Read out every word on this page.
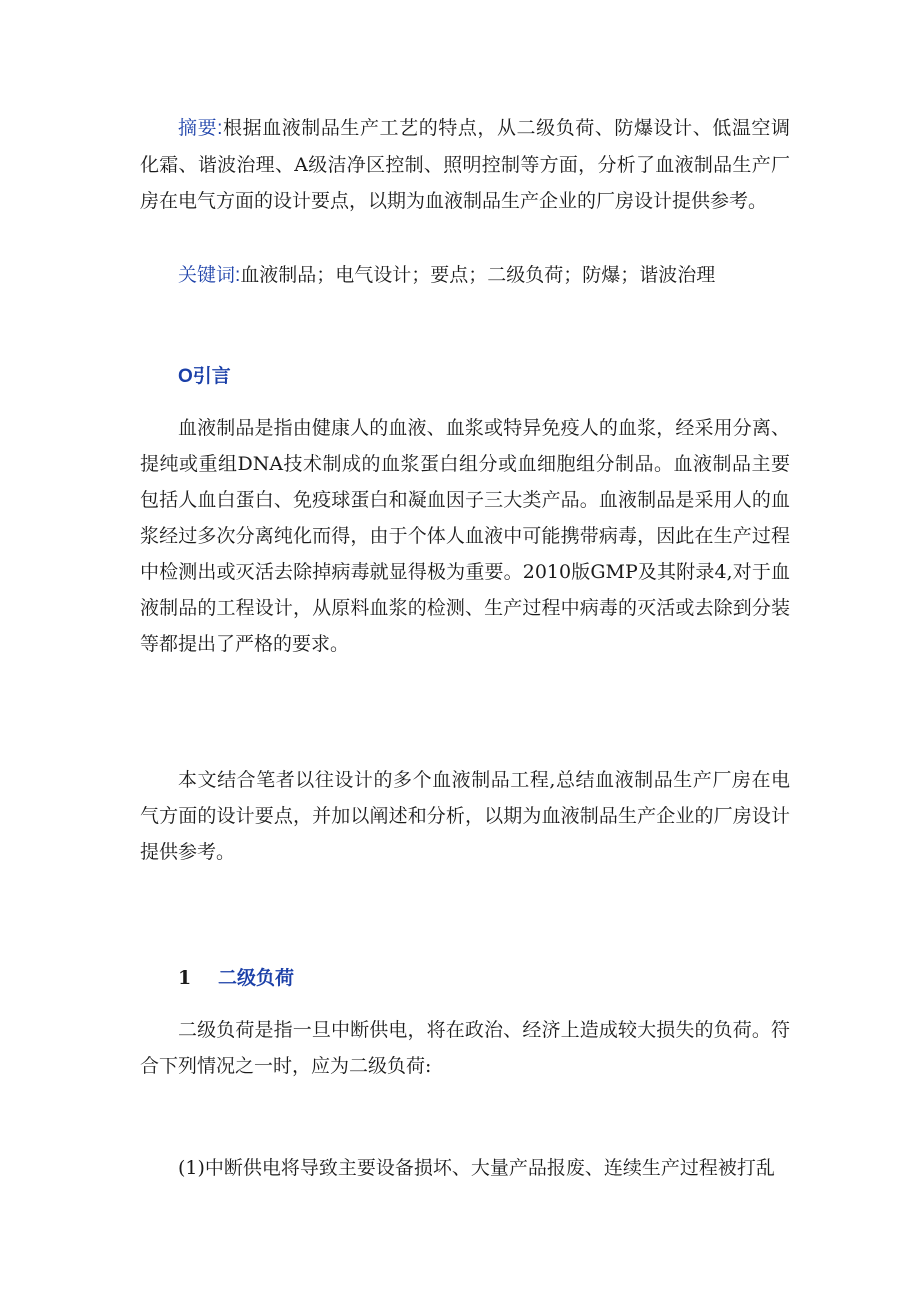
摘要:根据血液制品生产工艺的特点，从二级负荷、防爆设计、低温空调化霜、谐波治理、A级洁净区控制、照明控制等方面，分析了血液制品生产厂房在电气方面的设计要点，以期为血液制品生产企业的厂房设计提供参考。

关键词:血液制品；电气设计；要点；二级负荷；防爆；谐波治理

O引言

血液制品是指由健康人的血液、血浆或特异免疫人的血浆，经采用分离、提纯或重组DNA技术制成的血浆蛋白组分或血细胞组分制品。血液制品主要包括人血白蛋白、免疫球蛋白和凝血因子三大类产品。血液制品是采用人的血浆经过多次分离纯化而得，由于个体人血液中可能携带病毒，因此在生产过程中检测出或灭活去除掉病毒就显得极为重要。2010版GMP及其附录4,对于血液制品的工程设计，从原料血浆的检测、生产过程中病毒的灭活或去除到分装等都提出了严格的要求。

本文结合笔者以往设计的多个血液制品工程,总结血液制品生产厂房在电气方面的设计要点，并加以阐述和分析，以期为血液制品生产企业的厂房设计提供参考。

1 二级负荷

二级负荷是指一旦中断供电，将在政治、经济上造成较大损失的负荷。符合下列情况之一时，应为二级负荷:

(1)中断供电将导致主要设备损坏、大量产品报废、连续生产过程被打乱
